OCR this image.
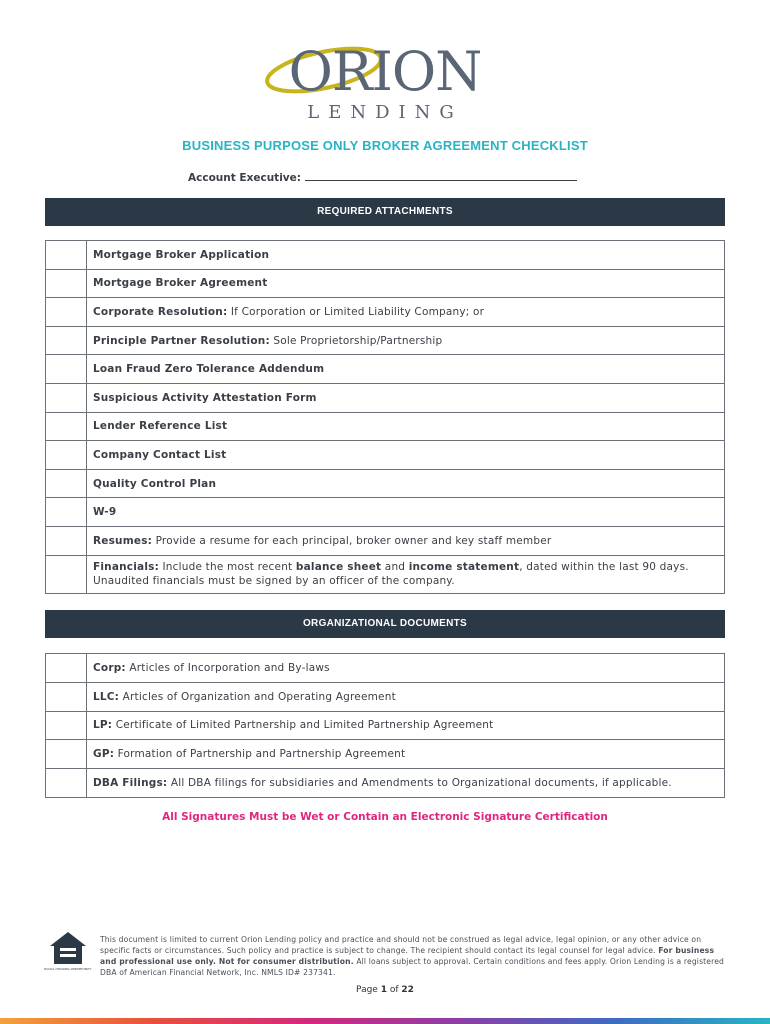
ORION
LENDING
BUSINESS PURPOSE ONLY BROKER AGREEMENT CHECKLIST
Account Executive:
REQUIRED ATTACHMENTS
	Mortgage Broker Application
	Mortgage Broker Agreement
	Corporate Resolution: If Corporation or Limited Liability Company; or
	Principle Partner Resolution: Sole Proprietorship/Partnership
	Loan Fraud Zero Tolerance Addendum
	Suspicious Activity Attestation Form
	Lender Reference List
	Company Contact List
	Quality Control Plan
	W-9
	Resumes: Provide a resume for each principal, broker owner and key staff member
	Financials: Include the most recent balance sheet and income statement, dated within the last 90 days. Unaudited financials must be signed by an officer of the company.
ORGANIZATIONAL DOCUMENTS
	Corp: Articles of Incorporation and By-laws
	LLC: Articles of Organization and Operating Agreement
	LP: Certificate of Limited Partnership and Limited Partnership Agreement
	GP: Formation of Partnership and Partnership Agreement
	DBA Filings: All DBA filings for subsidiaries and Amendments to Organizational documents, if applicable.
All Signatures Must be Wet or Contain an Electronic Signature Certification
EQUAL HOUSING OPPORTUNITY
This document is limited to current Orion Lending policy and practice and should not be construed as legal advice, legal opinion, or any other advice on specific facts or circumstances. Such policy and practice is subject to change. The recipient should contact its legal counsel for legal advice. For business and professional use only. Not for consumer distribution. All loans subject to approval. Certain conditions and fees apply. Orion Lending is a registered DBA of American Financial Network, Inc. NMLS ID# 237341.
Page 1 of 22
